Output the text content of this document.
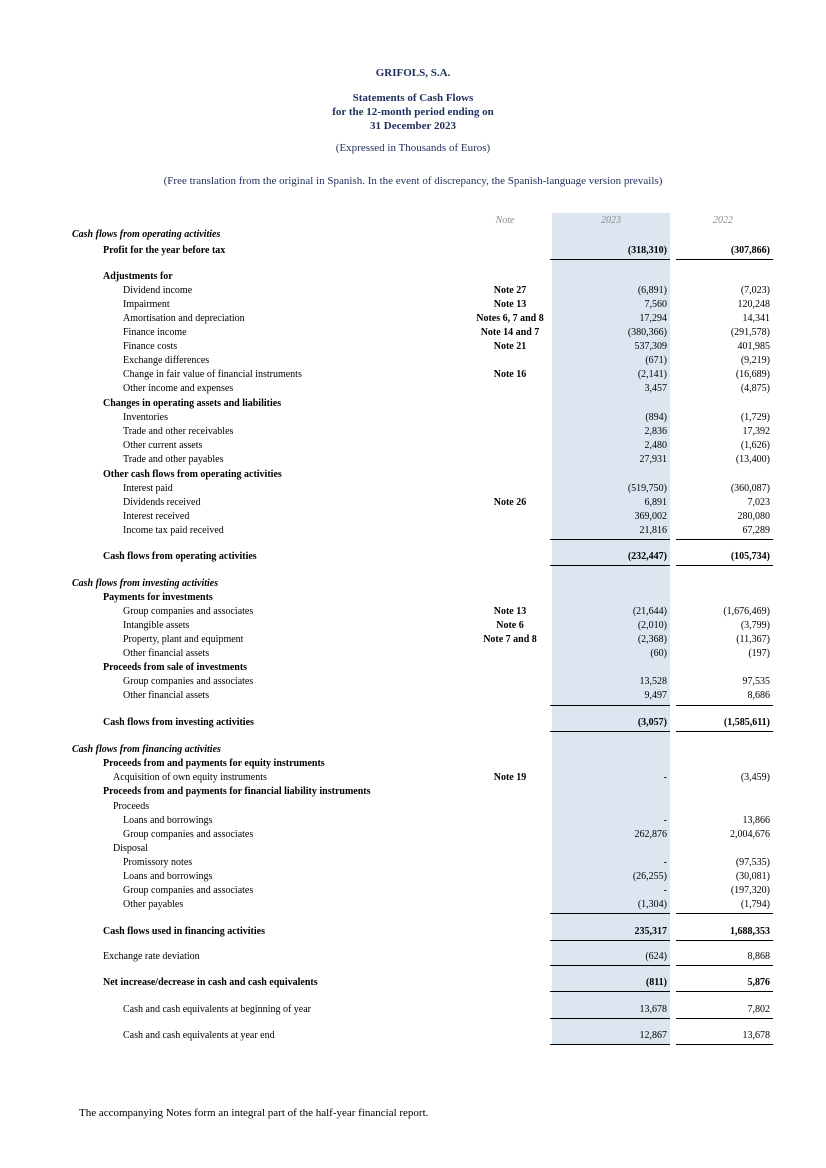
GRIFOLS, S.A.
Statements of Cash Flows
for the 12-month period ending on
31 December 2023
(Expressed in Thousands of Euros)
(Free translation from the original in Spanish. In the event of discrepancy, the Spanish-language version prevails)
Note	2023	2022
Cash flows from operating activities
Profit for the year before tax	(318,310)	(307,866)
Adjustments for
Dividend income	Note 27	(6,891)	(7,023)
Impairment	Note 13	7,560	120,248
Amortisation and depreciation	Notes 6, 7 and 8	17,294	14,341
Finance income	Note 14 and 7	(380,366)	(291,578)
Finance costs	Note 21	537,309	401,985
Exchange differences	(671)	(9,219)
Change in fair value of financial instruments	Note 16	(2,141)	(16,689)
Other income and expenses	3,457	(4,875)
Changes in operating assets and liabilities
Inventories	(894)	(1,729)
Trade and other receivables	2,836	17,392
Other current assets	2,480	(1,626)
Trade and other payables	27,931	(13,400)
Other cash flows from operating activities
Interest paid	(519,750)	(360,087)
Dividends received	Note 26	6,891	7,023
Interest received	369,002	280,080
Income tax paid received	21,816	67,289
Cash flows from operating activities	(232,447)	(105,734)
Cash flows from investing activities
Payments for investments
Group companies and associates	Note 13	(21,644)	(1,676,469)
Intangible assets	Note 6	(2,010)	(3,799)
Property, plant and equipment	Note 7 and 8	(2,368)	(11,367)
Other financial assets	(60)	(197)
Proceeds from sale of investments
Group companies and associates	13,528	97,535
Other financial assets	9,497	8,686
Cash flows from investing activities	(3,057)	(1,585,611)
Cash flows from financing activities
Proceeds from and payments for equity instruments
Acquisition of own equity instruments	Note 19	-	(3,459)
Proceeds from and payments for financial liability instruments
Proceeds
Loans and borrowings	-	13,866
Group companies and associates	262,876	2,004,676
Disposal
Promissory notes	-	(97,535)
Loans and borrowings	(26,255)	(30,081)
Group companies and associates	-	(197,320)
Other payables	(1,304)	(1,794)
Cash flows used in financing activities	235,317	1,688,353
Exchange rate deviation	(624)	8,868
Net increase/decrease in cash and cash equivalents	(811)	5,876
Cash and cash equivalents at beginning of year	13,678	7,802
Cash and cash equivalents at year end	12,867	13,678
The accompanying Notes form an integral part of the half-year financial report.
